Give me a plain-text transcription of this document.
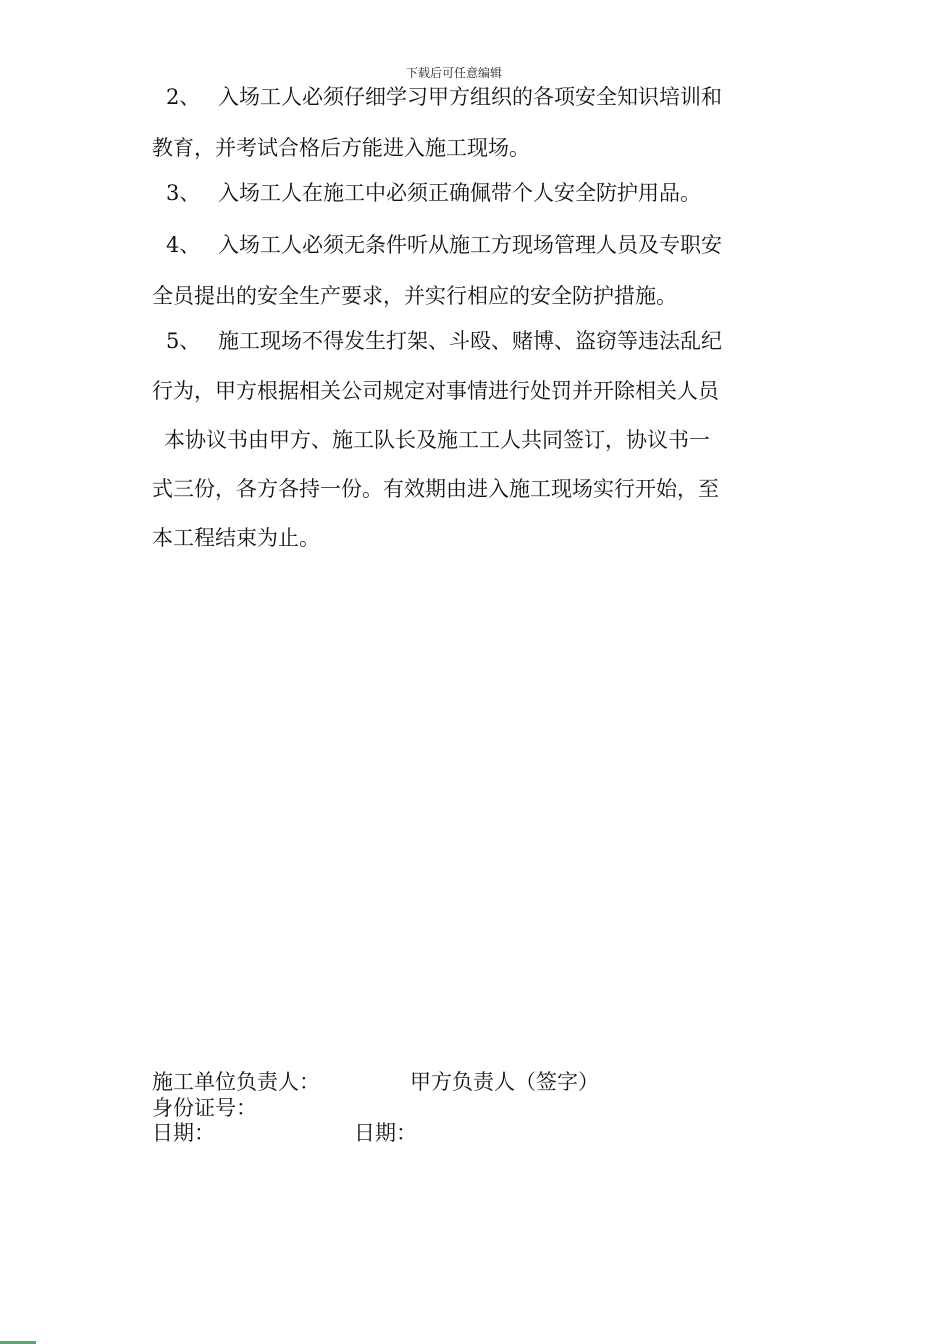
下载后可任意编辑
2、 入场工人必须仔细学习甲方组织的各项安全知识培训和
教育，并考试合格后方能进入施工现场。
3、 入场工人在施工中必须正确佩带个人安全防护用品。
4、 入场工人必须无条件听从施工方现场管理人员及专职安
全员提出的安全生产要求，并实行相应的安全防护措施。
5、 施工现场不得发生打架、斗殴、赌博、盗窃等违法乱纪
行为，甲方根据相关公司规定对事情进行处罚并开除相关人员
本协议书由甲方、施工队长及施工工人共同签订，协议书一
式三份，各方各持一份。有效期由进入施工现场实行开始，至
本工程结束为止。
施工单位负责人：	甲方负责人（签字）
身份证号：
日期：	日期：
